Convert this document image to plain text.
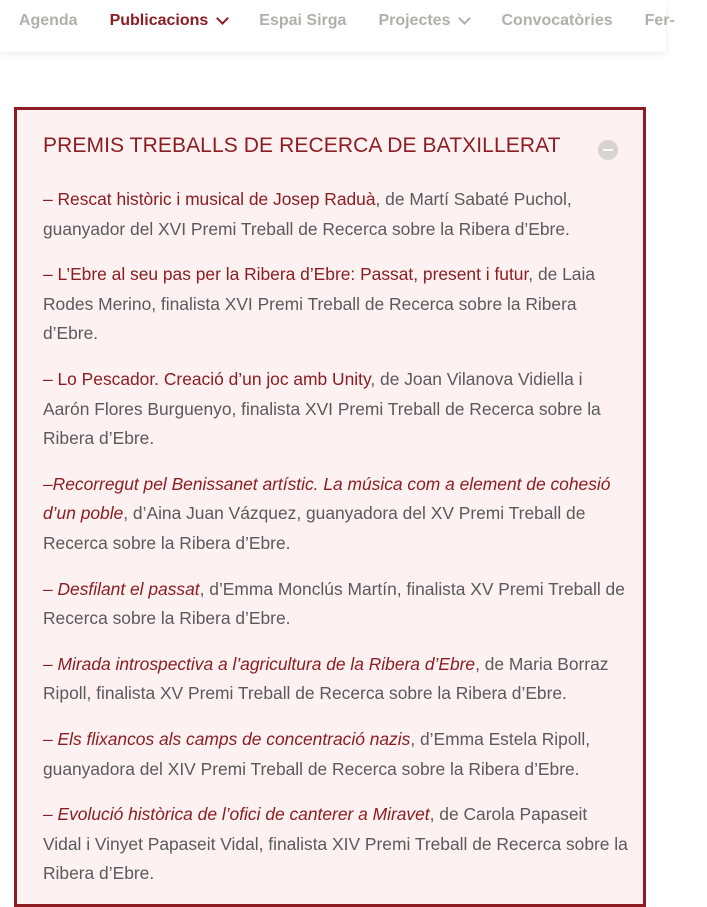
Agenda Publicacions	Espai Sirga Projectes	Convocatòries Fer-
PREMIS TREBALLS DE RECERCA DE BATXILLERAT

– Rescat històric i musical de Josep Raduà, de Martí Sabaté Puchol, guanyador del XVI Premi Treball de Recerca sobre la Ribera d’Ebre.

– L’Ebre al seu pas per la Ribera d’Ebre: Passat, present i futur, de Laia Rodes Merino, finalista XVI Premi Treball de Recerca sobre la Ribera d’Ebre.

– Lo Pescador. Creació d’un joc amb Unity, de Joan Vilanova Vidiella i Aarón Flores Burguenyo, finalista XVI Premi Treball de Recerca sobre la Ribera d’Ebre.

–Recorregut pel Benissanet artístic. La música com a element de cohesió d’un poble, d’Aina Juan Vázquez, guanyadora del XV Premi Treball de Recerca sobre la Ribera d’Ebre.

– Desfilant el passat, d’Emma Monclús Martín, finalista XV Premi Treball de Recerca sobre la Ribera d’Ebre.

– Mirada introspectiva a l’agricultura de la Ribera d’Ebre, de Maria Borraz Ripoll, finalista XV Premi Treball de Recerca sobre la Ribera d’Ebre.

– Els flixancos als camps de concentració nazis, d’Emma Estela Ripoll, guanyadora del XIV Premi Treball de Recerca sobre la Ribera d’Ebre.

– Evolució històrica de l’ofici de canterer a Miravet, de Carola Papaseit Vidal i Vinyet Papaseit Vidal, finalista XIV Premi Treball de Recerca sobre la Ribera d’Ebre.
